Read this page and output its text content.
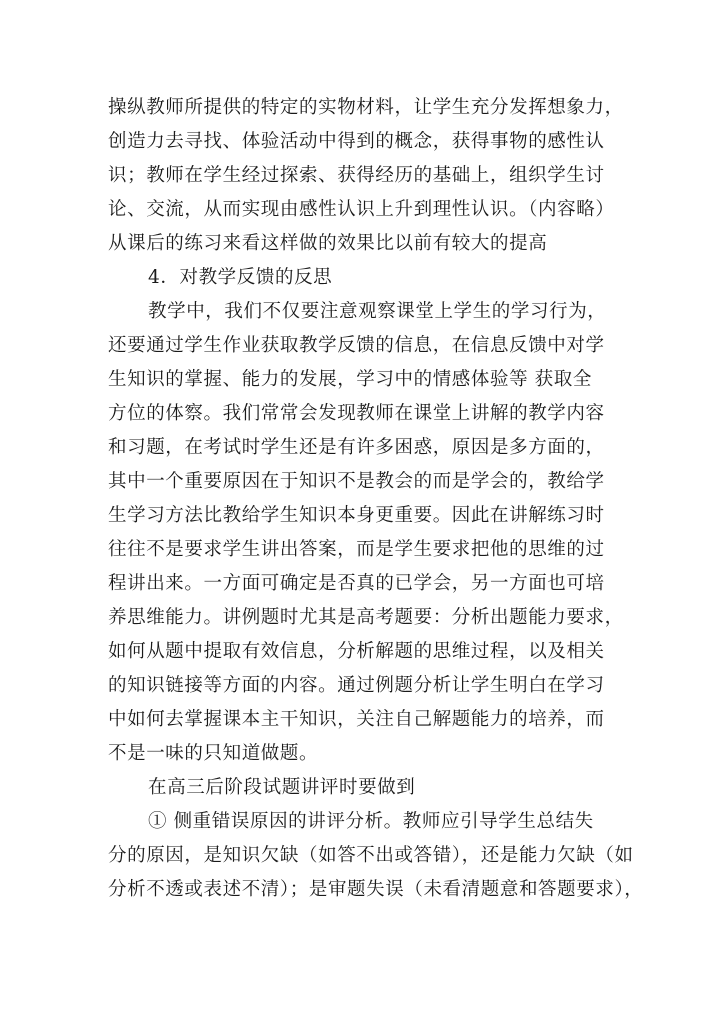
操纵教师所提供的特定的实物材料，让学生充分发挥想象力，
创造力去寻找、体验活动中得到的概念，获得事物的感性认
识；教师在学生经过探索、获得经历的基础上，组织学生讨
论、交流，从而实现由感性认识上升到理性认识。（内容略）
从课后的练习来看这样做的效果比以前有较大的提高
4．对教学反馈的反思
教学中，我们不仅要注意观察课堂上学生的学习行为，
还要通过学生作业获取教学反馈的信息，在信息反馈中对学
生知识的掌握、能力的发展，学习中的情感体验等 获取全
方位的体察。我们常常会发现教师在课堂上讲解的教学内容
和习题，在考试时学生还是有许多困惑，原因是多方面的，
其中一个重要原因在于知识不是教会的而是学会的，教给学
生学习方法比教给学生知识本身更重要。因此在讲解练习时
往往不是要求学生讲出答案，而是学生要求把他的思维的过
程讲出来。一方面可确定是否真的已学会，另一方面也可培
养思维能力。讲例题时尤其是高考题要：分析出题能力要求，
如何从题中提取有效信息，分析解题的思维过程，以及相关
的知识链接等方面的内容。通过例题分析让学生明白在学习
中如何去掌握课本主干知识，关注自己解题能力的培养，而
不是一味的只知道做题。
在高三后阶段试题讲评时要做到
① 侧重错误原因的讲评分析。教师应引导学生总结失
分的原因，是知识欠缺（如答不出或答错），还是能力欠缺（如
分析不透或表述不清）；是审题失误（未看清题意和答题要求），
